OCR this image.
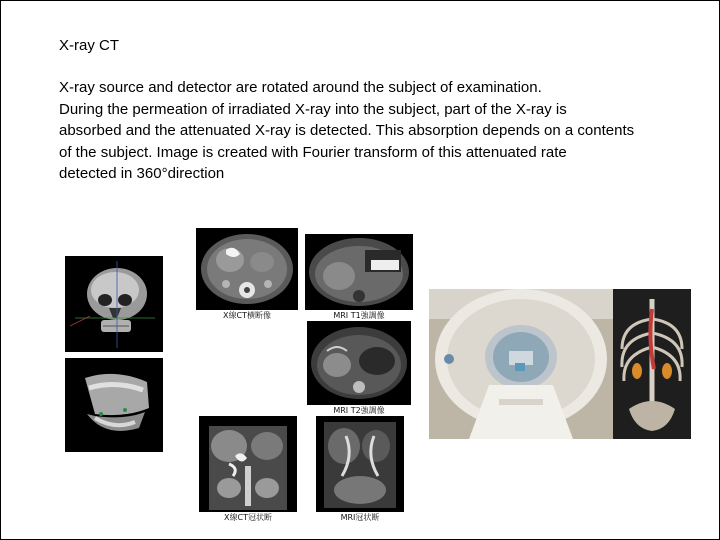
X-ray CT

X-ray source and detector are rotated around the subject of examination.

During the permeation of irradiated X-ray into the subject, part of the X-ray is

absorbed and the attenuated X-ray is detected. This absorption depends on a contents

of the subject. Image is created with Fourier transform of this attenuated rate

detected in 360°direction

X線CT横断像	MRI T1強調像
MRI T2強調像
X線CT冠状断	MRI冠状断
